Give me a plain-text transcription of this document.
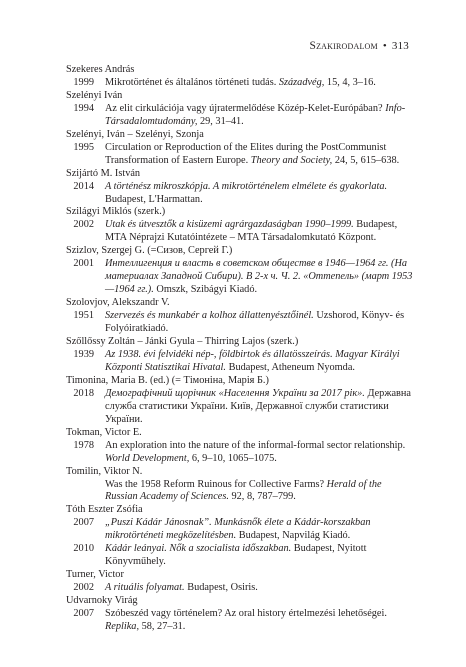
Szakirodalom • 313
Szekeres András
1999 Mikrotörténet és általános történeti tudás. Századvég, 15, 4, 3–16.
Szelényi Iván
1994 Az elit cirkulációja vagy újratermelődése Közép-Kelet-Európában? Info-Társadalomtudomány, 29, 31–41.
Szelényi, Iván – Szelényi, Szonja
1995 Circulation or Reproduction of the Elites during the PostCommunist Transformation of Eastern Europe. Theory and Society, 24, 5, 615–638.
Szijártó M. István
2014 A történész mikroszkópja. A mikrotörténelem elmélete és gyakorlata. Budapest, L'Harmattan.
Szilágyi Miklós (szerk.)
2002 Utak és útvesztők a kisüzemi agrárgazdaságban 1990–1999. Budapest, MTA Néprajzi Kutatóintézete – MTA Társadalomkutató Központ.
Szizlov, Szergej G. (=Сизов, Сергей Г.)
2001 Интеллигенция и власть в советском обществе в 1946—1964 гг. (На материалах Западной Сибири). В 2-х ч. Ч. 2. «Оттепель» (март 1953—1964 гг.). Omszk, Szibágyi Kiadó.
Szolovjov, Alekszandr V.
1951 Szervezés és munkabér a kolhoz állattenyésztőinél. Uzshorod, Könyv- és Folyóiratkiadó.
Szőllőssy Zoltán – Jánki Gyula – Thirring Lajos (szerk.)
1939 Az 1938. évi felvidéki nép-, földbirtok és állatösszeírás. Magyar Királyi Központi Statisztikai Hivatal. Budapest, Atheneum Nyomda.
Timonina, Maria B. (ed.) (= Тімоніна, Марія Б.)
2018 Демографічний щорічник «Населення України за 2017 рік». Державна служба статистики України. Київ, Державної служби статистики України.
Tokman, Victor E.
1978 An exploration into the nature of the informal-formal sector relationship. World Development, 6, 9–10, 1065–1075.
Tomilin, Viktor N.
Was the 1958 Reform Ruinous for Collective Farms? Herald of the Russian Academy of Sciences. 92, 8, 787–799.
Tóth Eszter Zsófia
2007 „Puszi Kádár Jánosnak”. Munkásnők élete a Kádár-korszakban mikrotörténeti megközelítésben. Budapest, Napvilág Kiadó.
2010 Kádár leányai. Nők a szocialista időszakban. Budapest, Nyitott Könyvműhely.
Turner, Victor
2002 A rituális folyamat. Budapest, Osiris.
Udvarnoky Virág
2007 Szóbeszéd vagy történelem? Az oral history értelmezési lehetőségei. Replika, 58, 27–31.
